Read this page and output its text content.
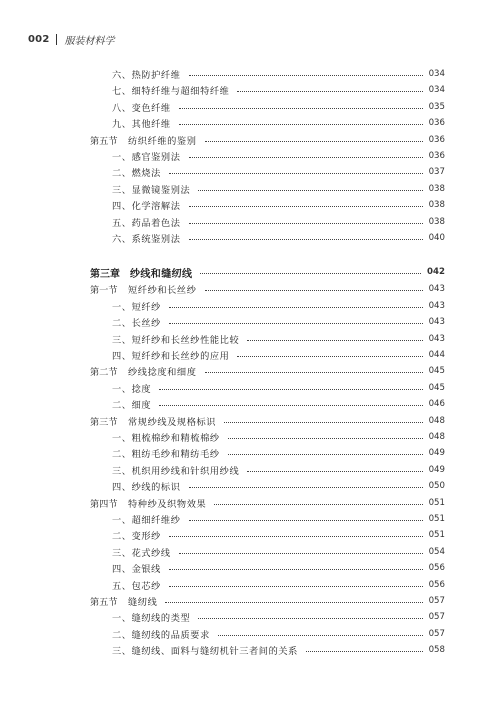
002 服装材料学
六、热防护纤维	034
七、细特纤维与超细特纤维	034
八、变色纤维	035
九、其他纤维	036
第五节 纺织纤维的鉴别	036
一、感官鉴别法	036
二、燃烧法	037
三、显微镜鉴别法	038
四、化学溶解法	038
五、药品着色法	038
六、系统鉴别法	040
第三章 纱线和缝纫线	042
第一节 短纤纱和长丝纱	043
一、短纤纱	043
二、长丝纱	043
三、短纤纱和长丝纱性能比较	043
四、短纤纱和长丝纱的应用	044
第二节 纱线捻度和细度	045
一、捻度	045
二、细度	046
第三节 常规纱线及规格标识	048
一、粗梳棉纱和精梳棉纱	048
二、粗纺毛纱和精纺毛纱	049
三、机织用纱线和针织用纱线	049
四、纱线的标识	050
第四节 特种纱及织物效果	051
一、超细纤维纱	051
二、变形纱	051
三、花式纱线	054
四、金银线	056
五、包芯纱	056
第五节 缝纫线	057
一、缝纫线的类型	057
二、缝纫线的品质要求	057
三、缝纫线、面料与缝纫机针三者间的关系	058
